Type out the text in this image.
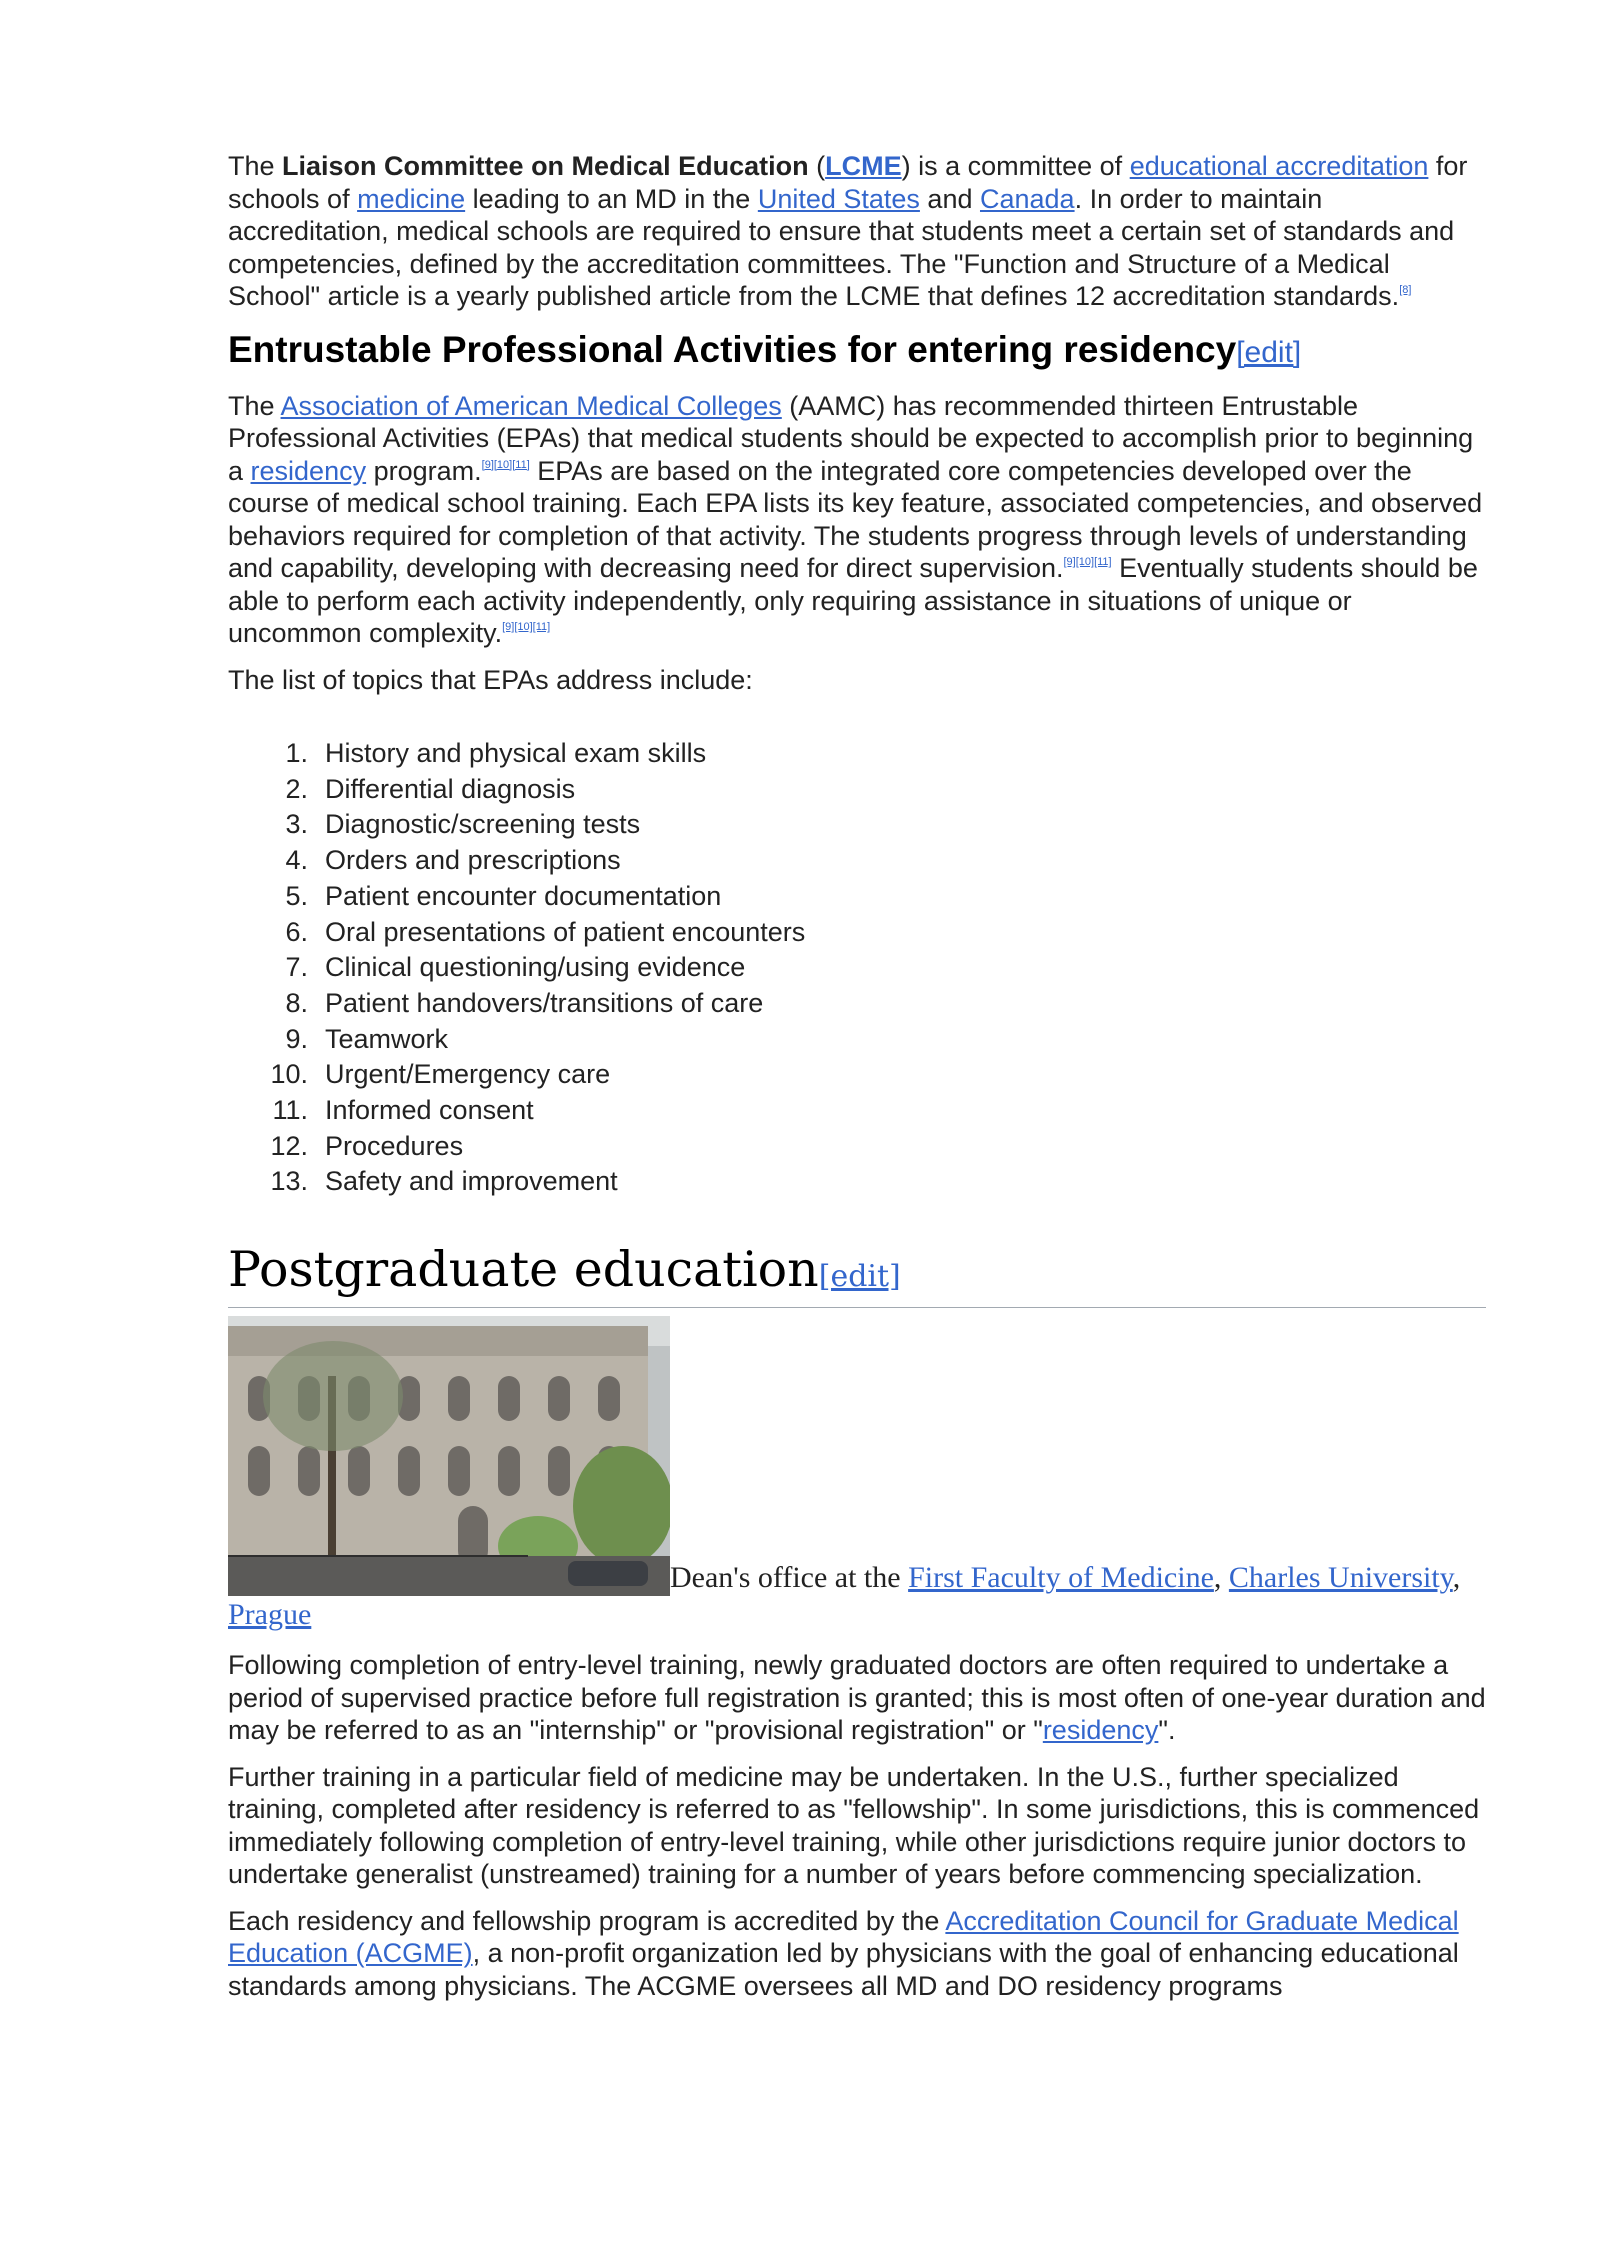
The Liaison Committee on Medical Education (LCME) is a committee of educational accreditation for schools of medicine leading to an MD in the United States and Canada. In order to maintain accreditation, medical schools are required to ensure that students meet a certain set of standards and competencies, defined by the accreditation committees. The "Function and Structure of a Medical School" article is a yearly published article from the LCME that defines 12 accreditation standards.[8]

Entrustable Professional Activities for entering residency[edit]

The Association of American Medical Colleges (AAMC) has recommended thirteen Entrustable Professional Activities (EPAs) that medical students should be expected to accomplish prior to beginning a residency program.[9][10][11] EPAs are based on the integrated core competencies developed over the course of medical school training. Each EPA lists its key feature, associated competencies, and observed behaviors required for completion of that activity. The students progress through levels of understanding and capability, developing with decreasing need for direct supervision.[9][10][11] Eventually students should be able to perform each activity independently, only requiring assistance in situations of unique or uncommon complexity.[9][10][11]

The list of topics that EPAs address include:

1. History and physical exam skills
2. Differential diagnosis
3. Diagnostic/screening tests
4. Orders and prescriptions
5. Patient encounter documentation
6. Oral presentations of patient encounters
7. Clinical questioning/using evidence
8. Patient handovers/transitions of care
9. Teamwork
10. Urgent/Emergency care
11. Informed consent
12. Procedures
13. Safety and improvement
Postgraduate education[edit]
Dean's office at the First Faculty of Medicine, Charles University, Prague

Following completion of entry-level training, newly graduated doctors are often required to undertake a period of supervised practice before full registration is granted; this is most often of one-year duration and may be referred to as an "internship" or "provisional registration" or "residency".

Further training in a particular field of medicine may be undertaken. In the U.S., further specialized training, completed after residency is referred to as "fellowship". In some jurisdictions, this is commenced immediately following completion of entry-level training, while other jurisdictions require junior doctors to undertake generalist (unstreamed) training for a number of years before commencing specialization.

Each residency and fellowship program is accredited by the Accreditation Council for Graduate Medical Education (ACGME), a non-profit organization led by physicians with the goal of enhancing educational standards among physicians. The ACGME oversees all MD and DO residency programs
